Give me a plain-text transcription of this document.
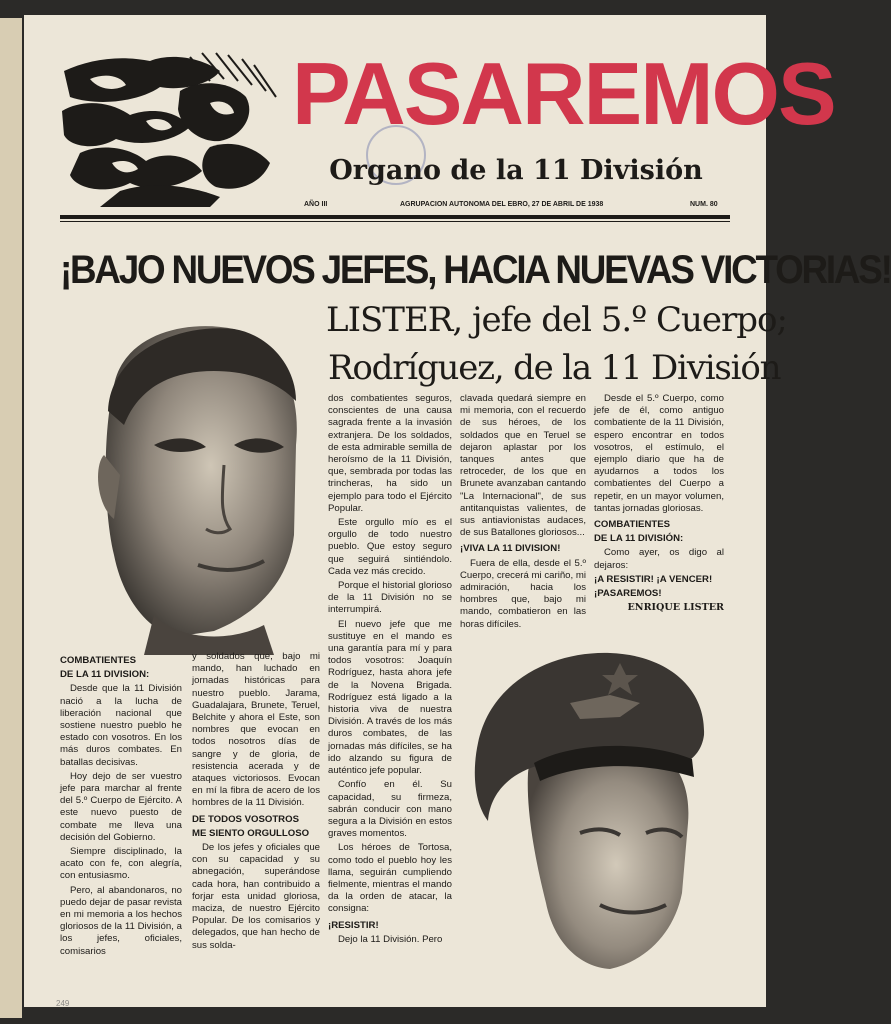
PASAREMOS
Organo de la 11 División
AÑO III	AGRUPACION AUTONOMA DEL EBRO, 27 DE ABRIL DE 1938	NUM. 80
¡BAJO NUEVOS JEFES, HACIA NUEVAS VICTORIAS!
LISTER, jefe del 5.º Cuerpo;
Rodríguez, de la 11 División

COMBATIENTES

DE LA 11 DIVISION:

Desde que la 11 División nació a la lucha de liberación nacional que sostiene nuestro pueblo he estado con vosotros. En los más duros combates. En batallas decisivas.

Hoy dejo de ser vuestro jefe para marchar al frente del 5.º Cuerpo de Ejército. A este nuevo puesto de combate me lleva una decisión del Gobierno.

Siempre disciplinado, la acato con fe, con alegría, con entusiasmo.

Pero, al abandonaros, no puedo dejar de pasar revista en mi memoria a los hechos gloriosos de la 11 División, a los jefes, oficiales, comisarios

y soldados que, bajo mi mando, han luchado en jornadas históricas para nuestro pueblo. Jarama, Guadalajara, Brunete, Teruel, Belchite y ahora el Este, son nombres que evocan en todos nosotros días de sangre y de gloria, de resistencia acerada y de ataques victoriosos. Evocan en mí la fibra de acero de los hombres de la 11 División.

DE TODOS VOSOTROS

ME SIENTO ORGULLOSO

De los jefes y oficiales que con su capacidad y su abnegación, superándose cada hora, han contribuido a forjar esta unidad gloriosa, maciza, de nuestro Ejército Popular. De los comisarios y delegados, que han hecho de sus solda-

dos combatientes seguros, conscientes de una causa sagrada frente a la invasión extranjera. De los soldados, de esta admirable semilla de heroísmo de la 11 División, que, sembrada por todas las trincheras, ha sido un ejemplo para todo el Ejército Popular.

Este orgullo mío es el orgullo de todo nuestro pueblo. Que estoy seguro que seguirá sintiéndolo. Cada vez más crecido.

Porque el historial glorioso de la 11 División no se interrumpirá.

El nuevo jefe que me sustituye en el mando es una garantía para mí y para todos vosotros: Joaquín Rodríguez, hasta ahora jefe de la Novena Brigada. Rodríguez está ligado a la historia viva de nuestra División. A través de los más duros combates, de las jornadas más difíciles, se ha ido alzando su figura de auténtico jefe popular.

Confío en él. Su capacidad, su firmeza, sabrán conducir con mano segura a la División en estos graves momentos.

Los héroes de Tortosa, como todo el pueblo hoy les llama, seguirán cumpliendo fielmente, mientras el mando da la orden de atacar, la consigna:

¡RESISTIR!

Dejo la 11 División. Pero

clavada quedará siempre en mi memoria, con el recuerdo de sus héroes, de los soldados que en Teruel se dejaron aplastar por los tanques antes que retroceder, de los que en Brunete avanzaban cantando "La Internacional", de sus antitanquistas valientes, de sus antiavionistas audaces, de sus Batallones gloriosos...

¡VIVA LA 11 DIVISION!

Fuera de ella, desde el 5.º Cuerpo, crecerá mi cariño, mi admiración, hacia los hombres que, bajo mi mando, combatieron en las horas difíciles.

Desde el 5.º Cuerpo, como jefe de él, como antiguo combatiente de la 11 División, espero encontrar en todos vosotros, el estímulo, el ejemplo diario que ha de ayudarnos a todos los combatientes del Cuerpo a repetir, en un mayor volumen, tantas jornadas gloriosas.

COMBATIENTES

DE LA 11 DIVISIÓN:

Como ayer, os digo al dejaros:

¡A RESISTIR! ¡A VENCER!

¡PASAREMOS!

ENRIQUE LISTER

249
